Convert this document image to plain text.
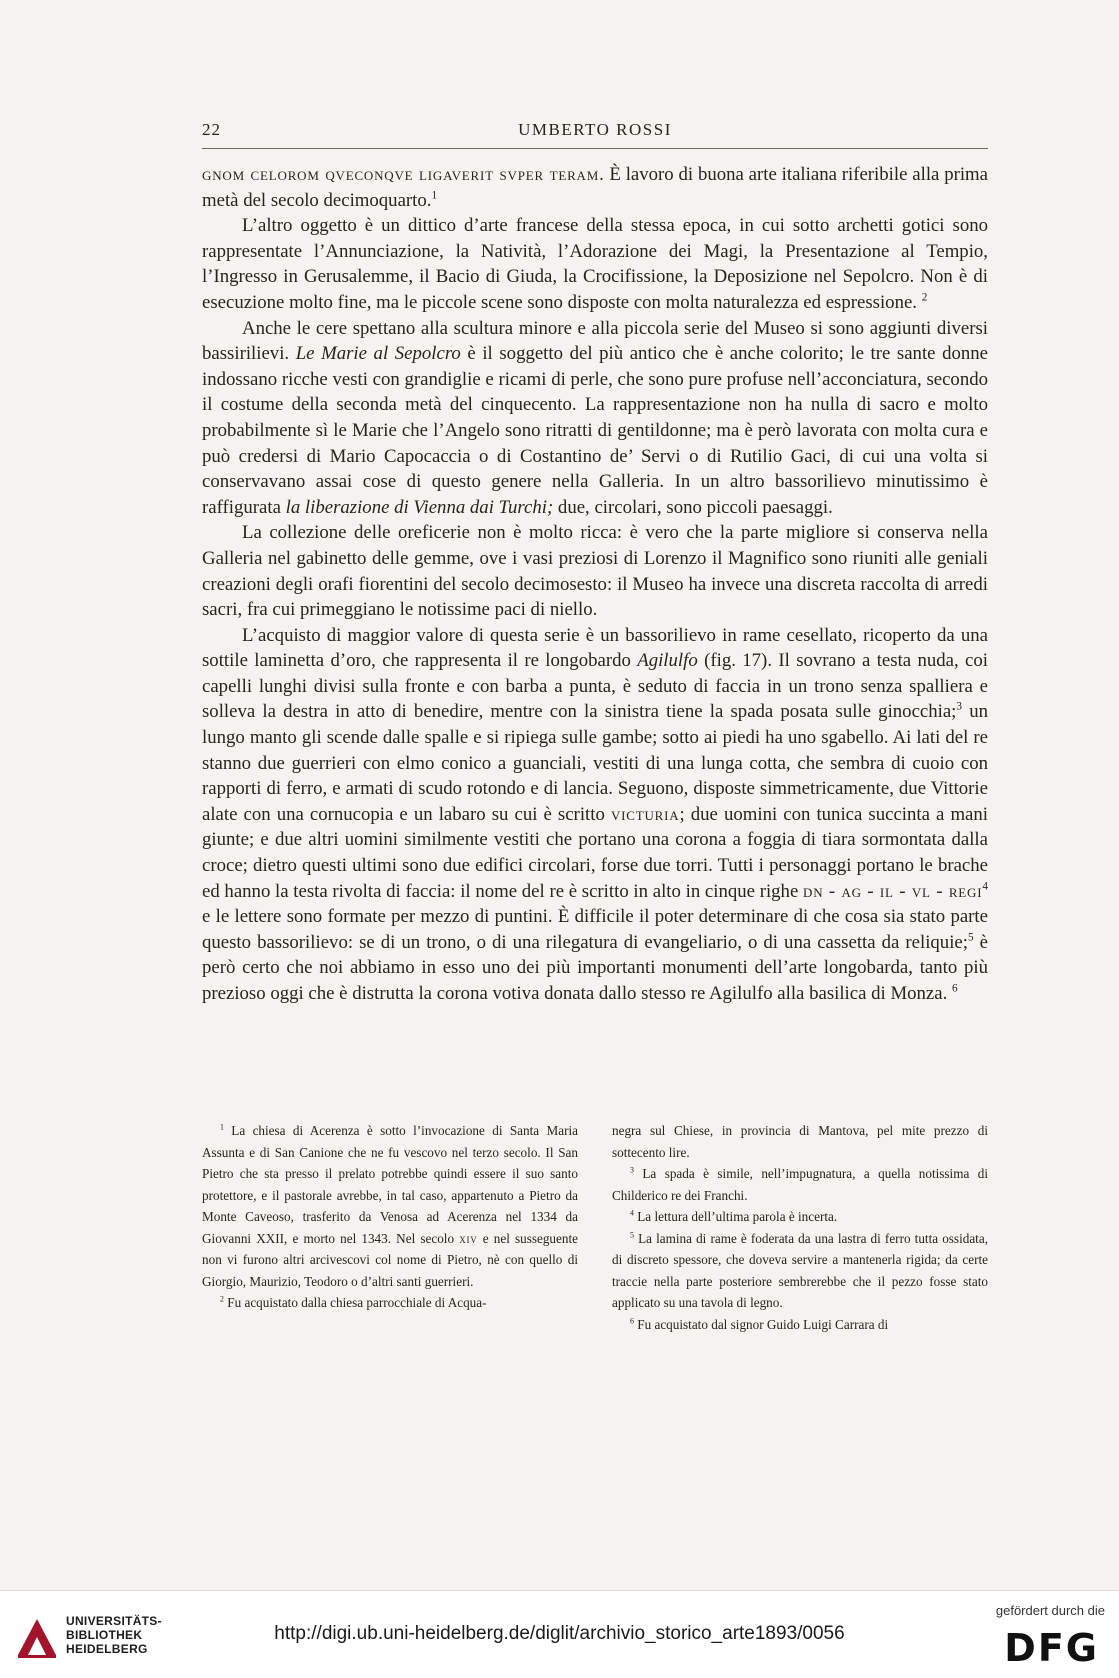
22	UMBERTO ROSSI

gnom celorom qveconqve ligaverit svper teram. È lavoro di buona arte italiana riferibile alla prima metà del secolo decimoquarto.$^1$

L’altro oggetto è un dittico d’arte francese della stessa epoca, in cui sotto archetti gotici sono rappresentate l’Annunciazione, la Natività, l’Adorazione dei Magi, la Presentazione al Tempio, l’Ingresso in Gerusalemme, il Bacio di Giuda, la Crocifissione, la Deposizione nel Sepolcro. Non è di esecuzione molto fine, ma le piccole scene sono disposte con molta naturalezza ed espressione. $^2$

Anche le cere spettano alla scultura minore e alla piccola serie del Museo si sono aggiunti diversi bassirilievi. Le Marie al Sepolcro è il soggetto del più antico che è anche colorito; le tre sante donne indossano ricche vesti con grandiglie e ricami di perle, che sono pure profuse nell’acconciatura, secondo il costume della seconda metà del cinquecento. La rappresentazione non ha nulla di sacro e molto probabilmente sì le Marie che l’Angelo sono ritratti di gentildonne; ma è però lavorata con molta cura e può credersi di Mario Capocaccia o di Costantino de’ Servi o di Rutilio Gaci, di cui una volta si conservavano assai cose di questo genere nella Galleria. In un altro bassorilievo minutissimo è raffigurata la liberazione di Vienna dai Turchi; due, circolari, sono piccoli paesaggi.

La collezione delle oreficerie non è molto ricca: è vero che la parte migliore si conserva nella Galleria nel gabinetto delle gemme, ove i vasi preziosi di Lorenzo il Magnifico sono riuniti alle geniali creazioni degli orafi fiorentini del secolo decimosesto: il Museo ha invece una discreta raccolta di arredi sacri, fra cui primeggiano le notissime paci di niello.

L’acquisto di maggior valore di questa serie è un bassorilievo in rame cesellato, ricoperto da una sottile laminetta d’oro, che rappresenta il re longobardo Agilulfo (fig. 17). Il sovrano a testa nuda, coi capelli lunghi divisi sulla fronte e con barba a punta, è seduto di faccia in un trono senza spalliera e solleva la destra in atto di benedire, mentre con la sinistra tiene la spada posata sulle ginocchia;$^3$ un lungo manto gli scende dalle spalle e si ripiega sulle gambe; sotto ai piedi ha uno sgabello. Ai lati del re stanno due guerrieri con elmo conico a guanciali, vestiti di una lunga cotta, che sembra di cuoio con rapporti di ferro, e armati di scudo rotondo e di lancia. Seguono, disposte simmetricamente, due Vittorie alate con una cornucopia e un labaro su cui è scritto victuria; due uomini con tunica succinta a mani giunte; e due altri uomini similmente vestiti che portano una corona a foggia di tiara sormontata dalla croce; dietro questi ultimi sono due edifici circolari, forse due torri. Tutti i personaggi portano le brache ed hanno la testa rivolta di faccia: il nome del re è scritto in alto in cinque righe dn - ag - il - vl - regi$^4$ e le lettere sono formate per mezzo di puntini. È difficile il poter determinare di che cosa sia stato parte questo bassorilievo: se di un trono, o di una rilegatura di evangeliario, o di una cassetta da reliquie;$^5$ è però certo che noi abbiamo in esso uno dei più importanti monumenti dell’arte longobarda, tanto più prezioso oggi che è distrutta la corona votiva donata dallo stesso re Agilulfo alla basilica di Monza. $^6$

$^1$ La chiesa di Acerenza è sotto l’invocazione di Santa Maria Assunta e di San Canione che ne fu vescovo nel terzo secolo. Il San Pietro che sta presso il prelato potrebbe quindi essere il suo santo protettore, e il pastorale avrebbe, in tal caso, appartenuto a Pietro da Monte Caveoso, trasferito da Venosa ad Acerenza nel 1334 da Giovanni XXII, e morto nel 1343. Nel secolo xiv e nel susseguente non vi furono altri arcivescovi col nome di Pietro, nè con quello di Giorgio, Maurizio, Teodoro o d’altri santi guerrieri.

$^2$ Fu acquistato dalla chiesa parrocchiale di Acqua-

negra sul Chiese, in provincia di Mantova, pel mite prezzo di sottecento lire.

$^3$ La spada è simile, nell’impugnatura, a quella notissima di Childerico re dei Franchi.

$^4$ La lettura dell’ultima parola è incerta.

$^5$ La lamina di rame è foderata da una lastra di ferro tutta ossidata, di discreto spessore, che doveva servire a mantenerla rigida; da certe traccie nella parte posteriore sembrerebbe che il pezzo fosse stato applicato su una tavola di legno.

$^6$ Fu acquistato dal signor Guido Luigi Carrara di

UNIVERSITÄTS-
BIBLIOTHEK
HEIDELBERG
http://digi.ub.uni-heidelberg.de/diglit/archivio_storico_arte1893/0056
gefördert durch die
DFG
